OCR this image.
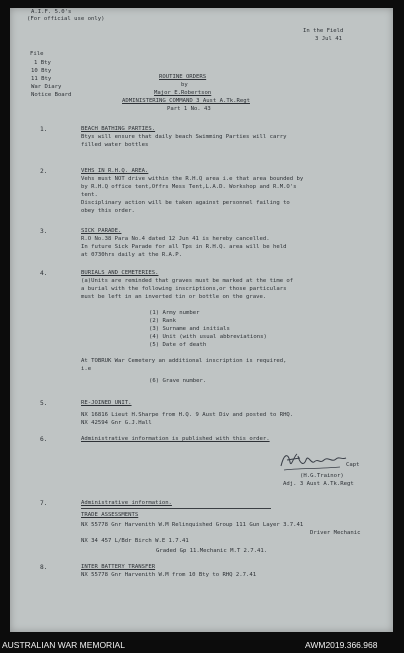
A.I.F. 5.0's
(For official use only)
In the Field
3 Jul 41
File
1 Bty
10 Bty
11 Bty
War Diary
Notice Board
ROUTINE ORDERS
by
Major E.Robertson
ADMINISTERING COMMAND 3 Aust A.Tk.Regt
Part 1 No. 43
1.	BEACH BATHING PARTIES.
Btys will ensure that daily beach Swimming Parties will carry
filled water bottles
2.	VEHS IN R.H.Q. AREA.
Vehs must NOT drive within the R.H.Q area i.e that area bounded by
by R.H.Q office tent,Offrs Mess Tent,L.A.D. Workshop and R.M.O's
tent.
Disciplinary action will be taken against personnel failing to
obey this order.
3.	SICK PARADE.
R.O No.38 Para No.4 dated 12 Jun 41 is hereby cancelled.
In future Sick Parade for all Tps in R.H.Q. area will be held
at 0730hrs daily at the R.A.P.
4.	BURIALS AND CEMETERIES.
(a)Units are reminded that graves must be marked at the time of
a burial with the following inscriptions,or those particulars
must be left in an inverted tin or bottle on the grave.
(1) Army number
(2) Rank
(3) Surname and initials
(4) Unit (with usual abbreviations)
(5) Date of death
At TOBRUK War Cemetery an additional inscription is required,
i.e
(6) Grave number.
5.	RE-JOINED UNIT.
NX 16816 Lieut H.Sharpe from H.Q. 9 Aust Div and posted to RHQ.
NX 42594 Gnr G.J.Hall
6.	Administrative information is published with this order.
Capt
(H.G.Trainor)
Adj. 3 Aust A.Tk.Regt
7.	Administrative information.
TRADE ASSESSMENTS
NX 55778 Gnr Harvenith W.M Relinquished Group 111 Gun Layer 3.7.41
Driver Mechanic
NX 34 457 L/Bdr Birch W.E 1.7.41
Graded Gp 11.Mechanic M.T 2.7.41.
8.	INTER BATTERY TRANSFER
NX 55778 Gnr Harvenith W.M from 10 Bty to RHQ 2.7.41
AUSTRALIAN WAR MEMORIAL	AWM2019.366.968
